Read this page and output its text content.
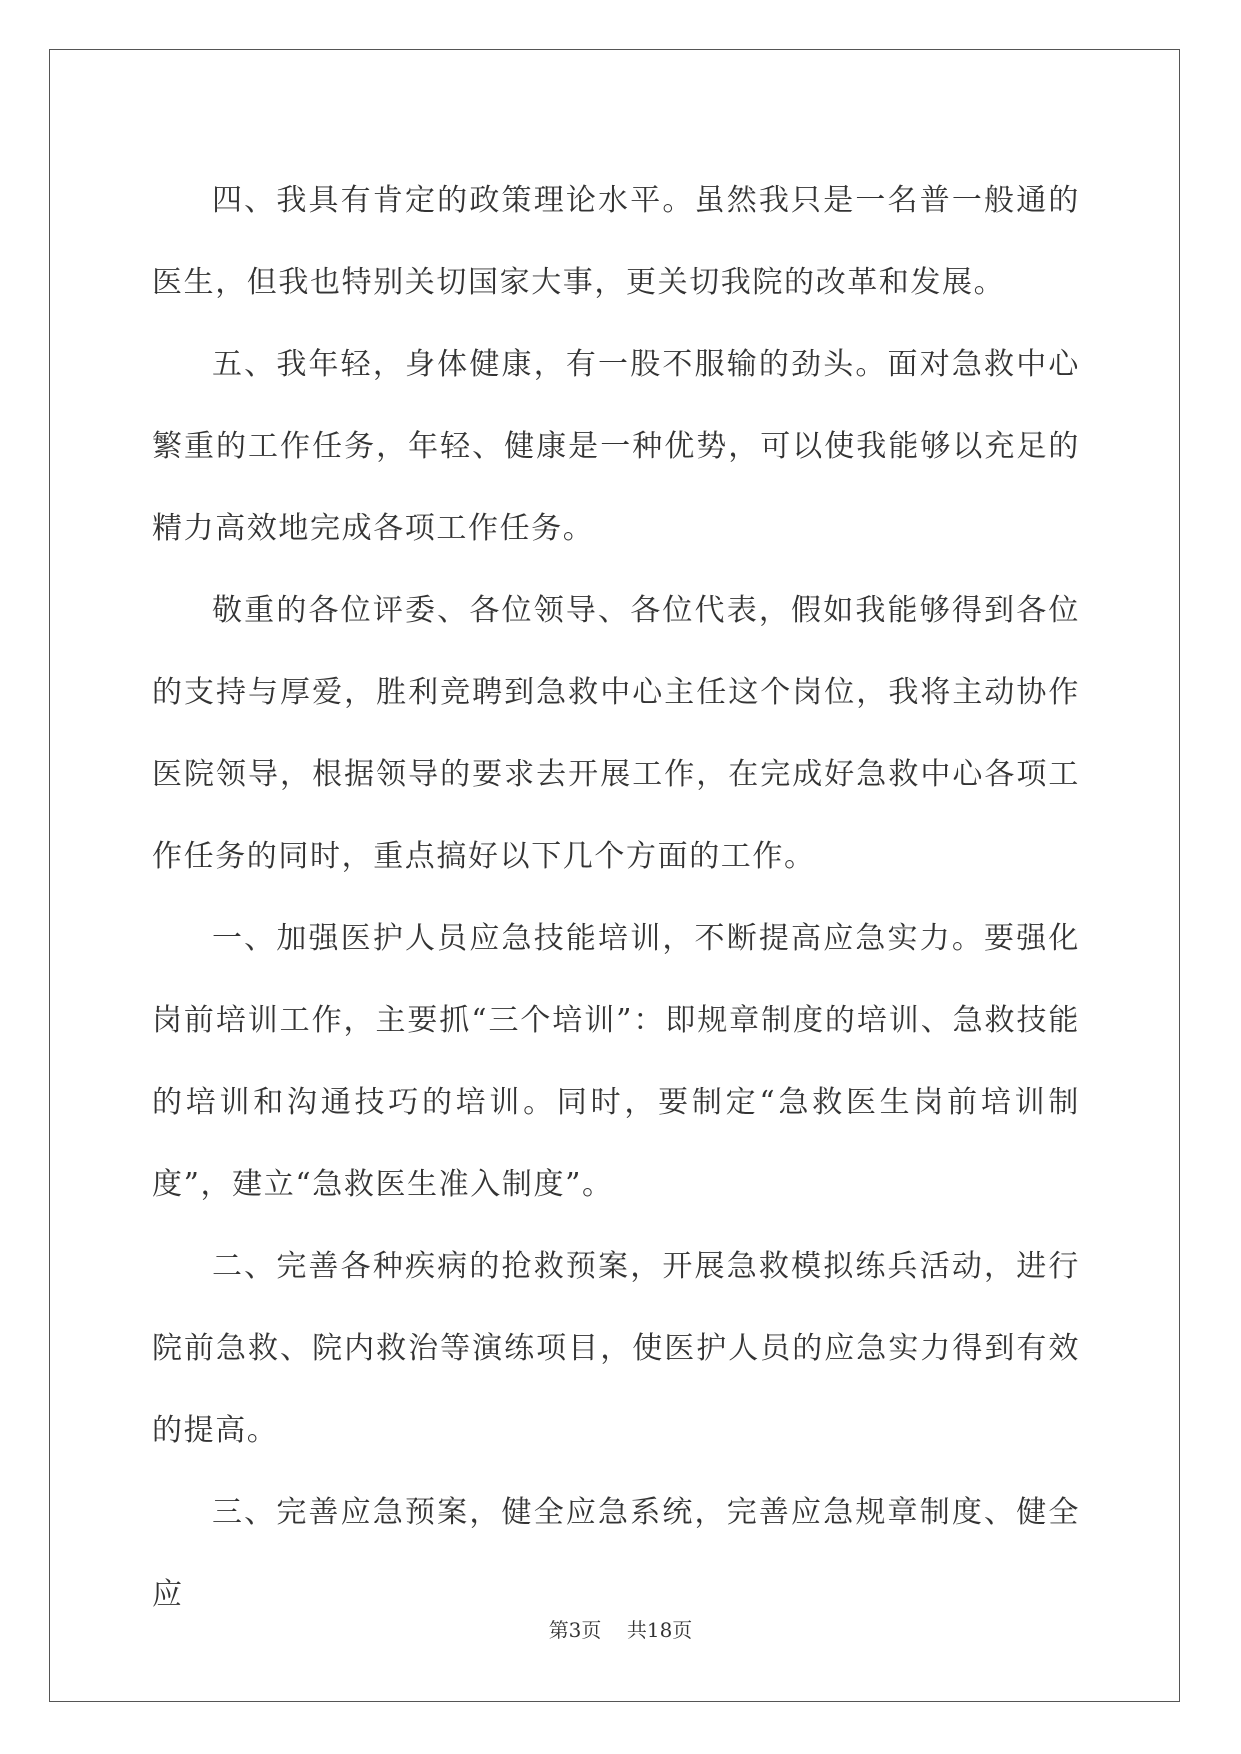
四、我具有肯定的政策理论水平。虽然我只是一名普一般通的医生，但我也特别关切国家大事，更关切我院的改革和发展。

五、我年轻，身体健康，有一股不服输的劲头。面对急救中心繁重的工作任务，年轻、健康是一种优势，可以使我能够以充足的精力高效地完成各项工作任务。

敬重的各位评委、各位领导、各位代表，假如我能够得到各位的支持与厚爱，胜利竞聘到急救中心主任这个岗位，我将主动协作医院领导，根据领导的要求去开展工作，在完成好急救中心各项工作任务的同时，重点搞好以下几个方面的工作。

一、加强医护人员应急技能培训，不断提高应急实力。要强化岗前培训工作，主要抓“三个培训”：即规章制度的培训、急救技能的培训和沟通技巧的培训。同时，要制定“急救医生岗前培训制度”，建立“急救医生准入制度”。

二、完善各种疾病的抢救预案，开展急救模拟练兵活动，进行院前急救、院内救治等演练项目，使医护人员的应急实力得到有效的提高。

三、完善应急预案，健全应急系统，完善应急规章制度、健全应

第3页 共18页
